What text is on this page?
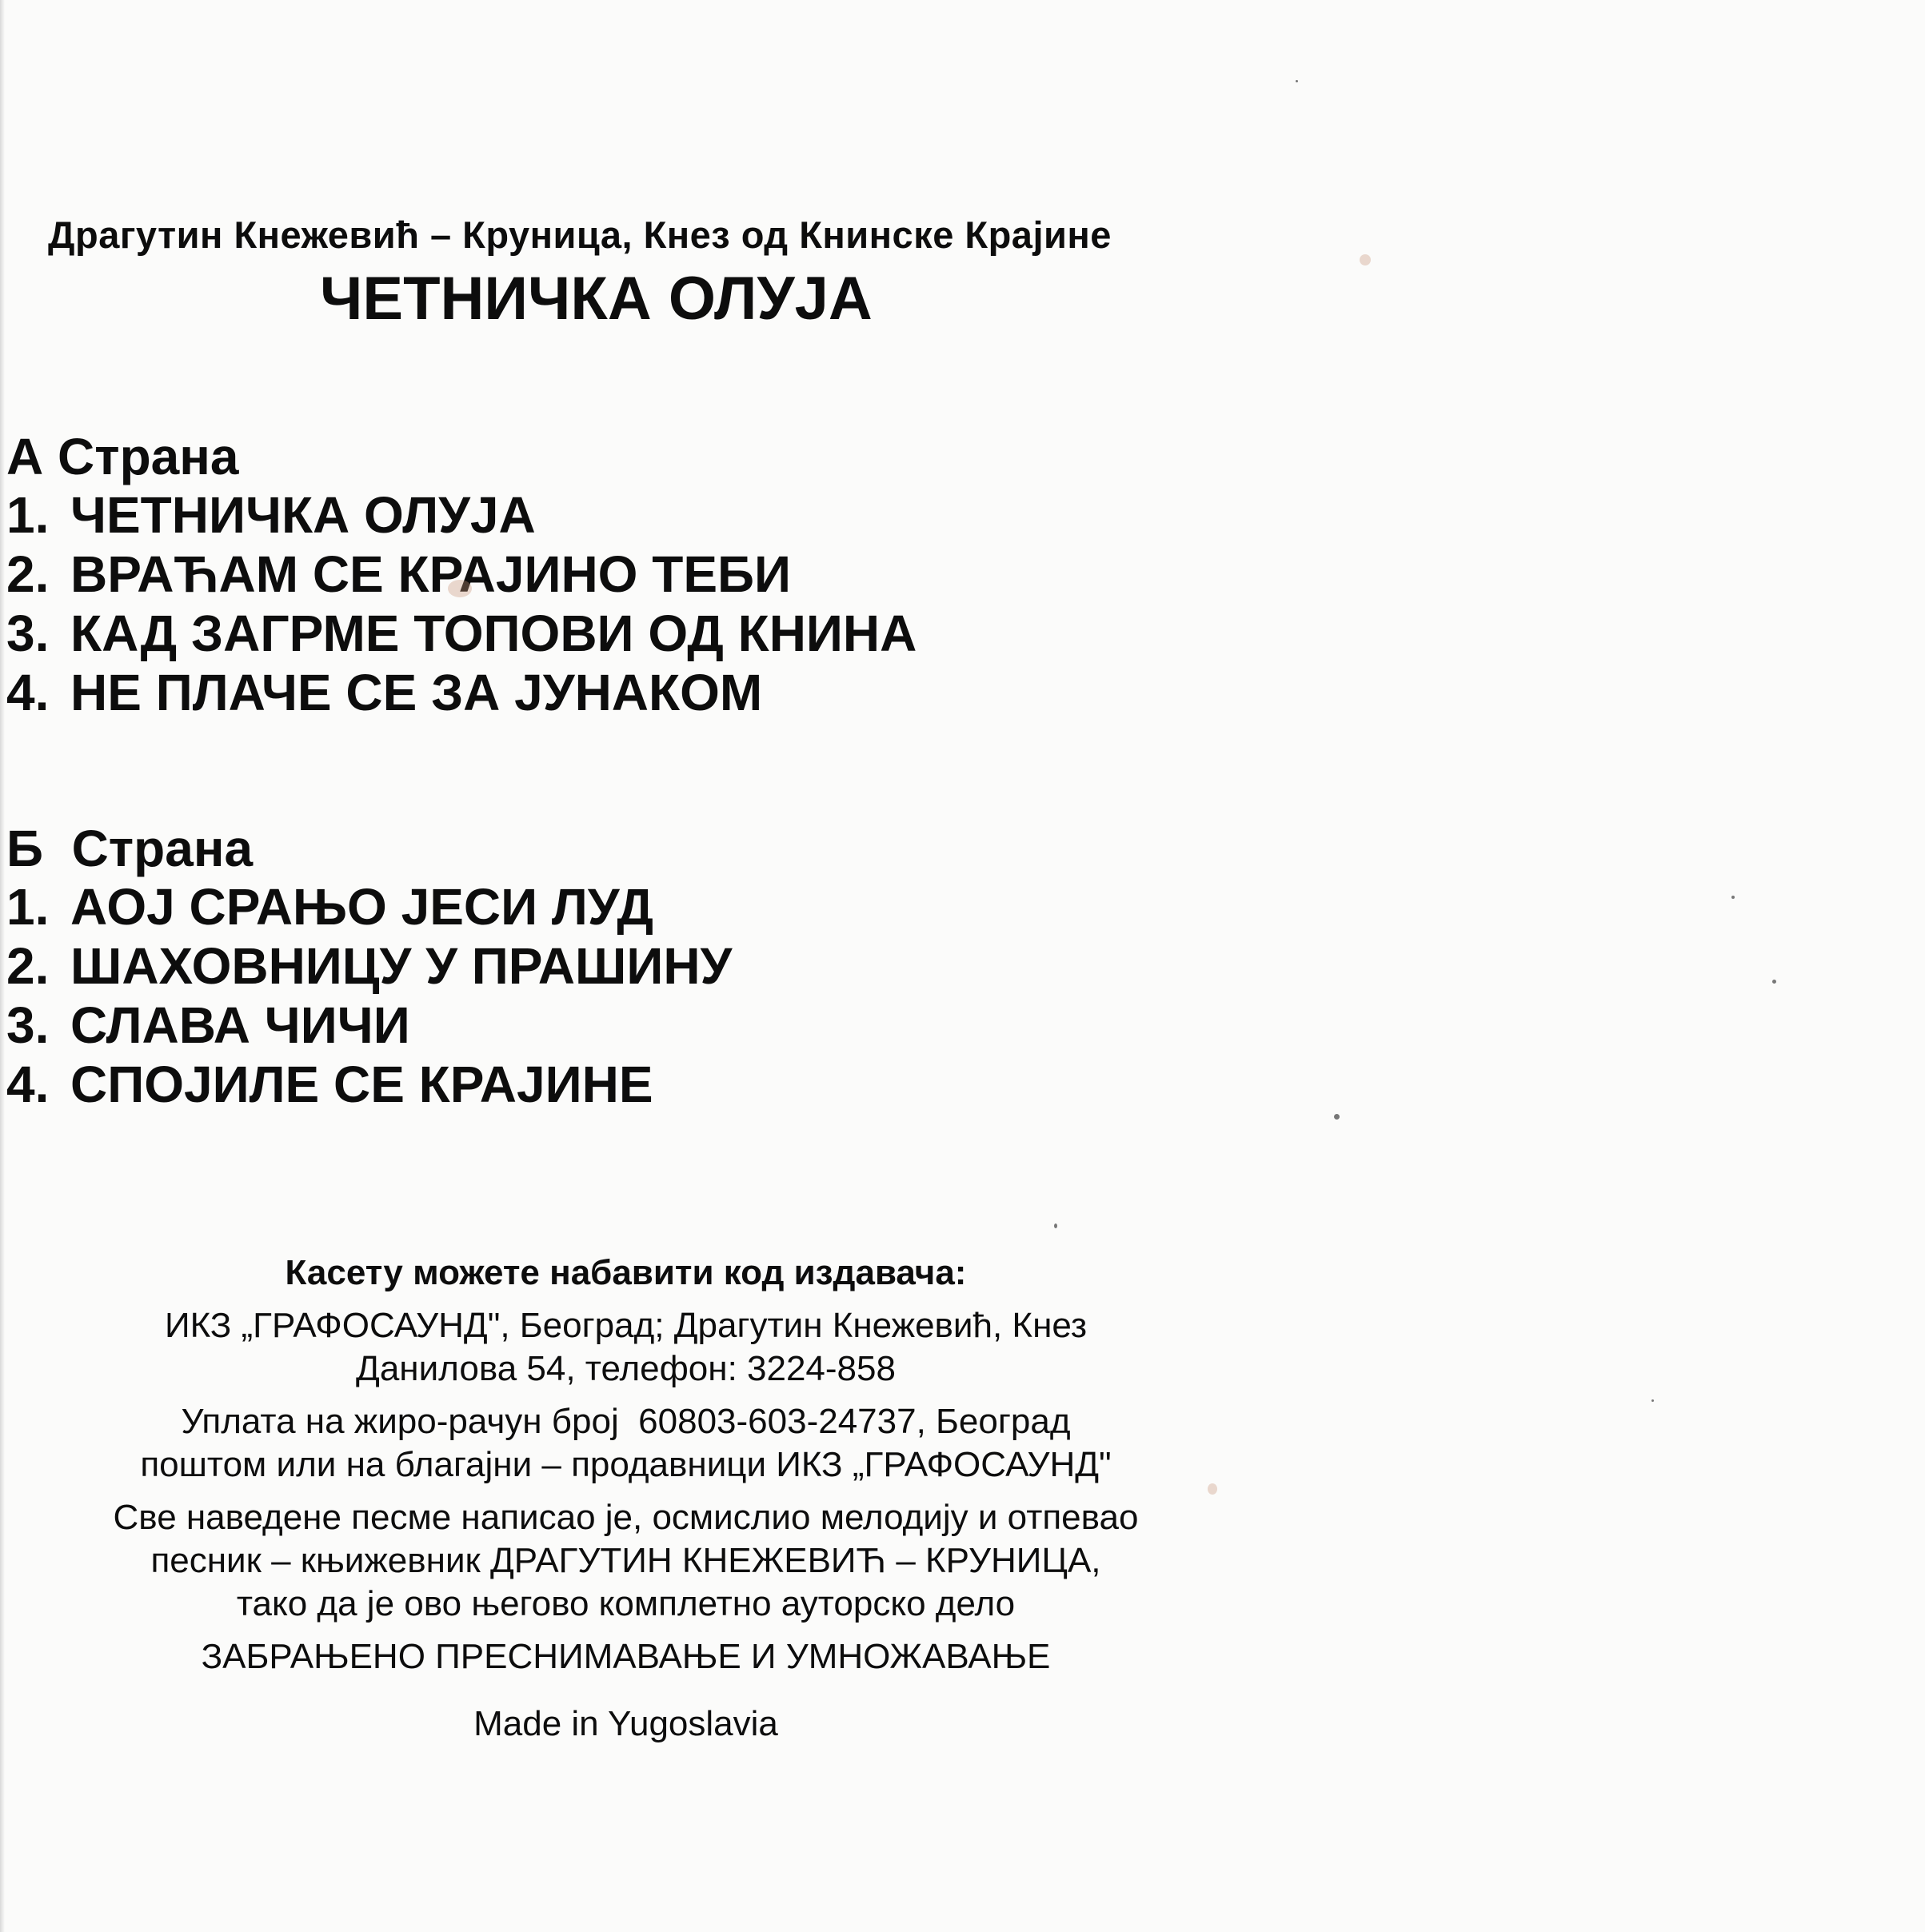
Драгутин Кнежевић – Круница, Кнез од Книнске Крајине
ЧЕТНИЧКА ОЛУЈА
А Страна
1. ЧЕТНИЧКА ОЛУЈА
2. ВРАЋАМ СЕ КРАЈИНО ТЕБИ
3. КАД ЗАГРМЕ ТОПОВИ ОД КНИНА
4. НЕ ПЛАЧЕ СЕ ЗА ЈУНАКОМ
Б  Страна
1. АОЈ СРАЊО ЈЕСИ ЛУД
2. ШАХОВНИЦУ У ПРАШИНУ
3. СЛАВА ЧИЧИ
4. СПОЈИЛЕ СЕ КРАЈИНЕ

Касету можете набавити код издавача:

ИКЗ „ГРАФОСАУНД", Београд; Драгутин Кнежевић, Кнез

Данилова 54, телефон: 3224-858

Уплата на жиро-рачун број  60803-603-24737, Београд

поштом или на благајни – продавници ИКЗ „ГРАФОСАУНД"

Све наведене песме написао је, осмислио мелодију и отпевао

песник – књижевник ДРАГУТИН КНЕЖЕВИЋ – КРУНИЦА,

тако да је ово његово комплетно ауторско дело

ЗАБРАЊЕНО ПРЕСНИМАВАЊЕ И УМНОЖАВАЊЕ

Made in Yugoslavia
